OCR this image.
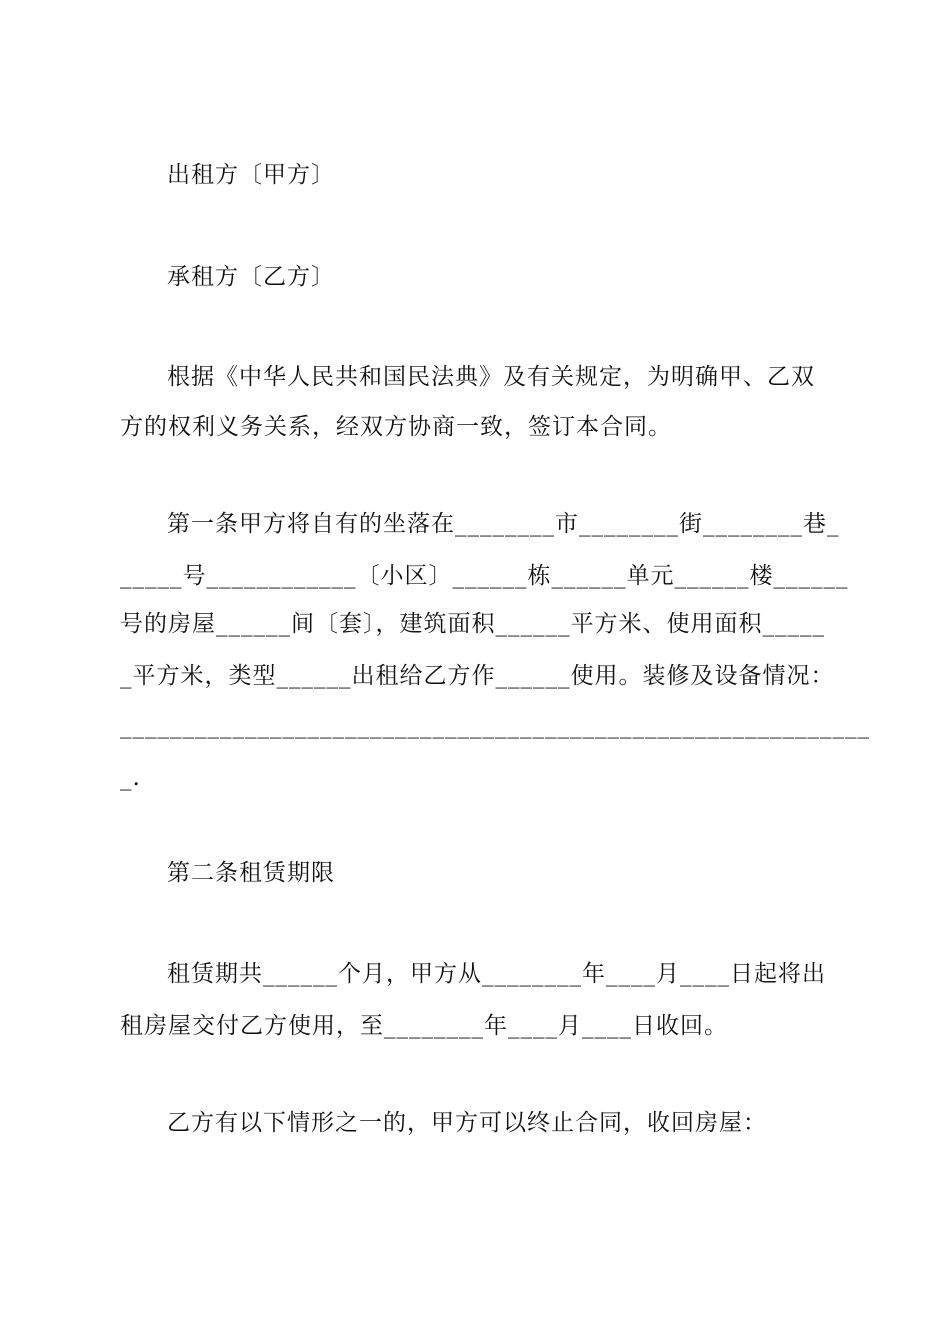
出租方〔甲方〕
承租方〔乙方〕
根据《中华人民共和国民法典》及有关规定，为明确甲、乙双
方的权利义务关系，经双方协商一致，签订本合同。
第一条甲方将自有的坐落在________市________街________巷_
_____号____________〔小区〕______栋______单元______楼______
号的房屋______间〔套〕，建筑面积______平方米、使用面积_____
_平方米，类型______出租给乙方作______使用。装修及设备情况：
____________________________________________________________
_.
第二条租赁期限
租赁期共______个月，甲方从________年____月____日起将出
租房屋交付乙方使用，至________年____月____日收回。
乙方有以下情形之一的，甲方可以终止合同，收回房屋：
